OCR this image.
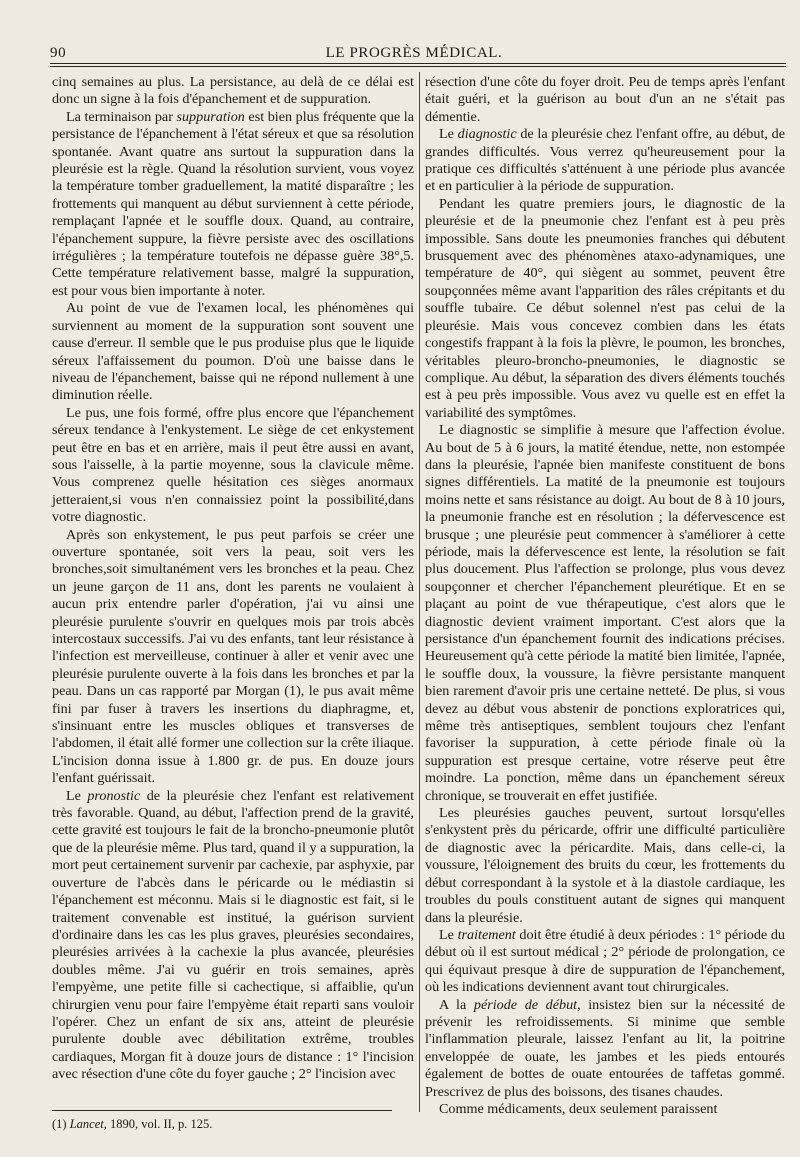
90	LE PROGRÈS MÉDICAL.

cinq semaines au plus. La persistance, au delà de ce délai est donc un signe à la fois d'épanchement et de suppuration.

La terminaison par suppuration est bien plus fréquente que la persistance de l'épanchement à l'état séreux et que sa résolution spontanée. Avant quatre ans surtout la suppuration dans la pleurésie est la règle. Quand la résolution survient, vous voyez la température tomber graduellement, la matité disparaître ; les frottements qui manquent au début surviennent à cette période, remplaçant l'apnée et le souffle doux. Quand, au contraire, l'épanchement suppure, la fièvre persiste avec des oscillations irrégulières ; la température toutefois ne dépasse guère 38°,5. Cette température relativement basse, malgré la suppuration, est pour vous bien importante à noter.

Au point de vue de l'examen local, les phénomènes qui surviennent au moment de la suppuration sont souvent une cause d'erreur. Il semble que le pus produise plus que le liquide séreux l'affaissement du poumon. D'où une baisse dans le niveau de l'épanchement, baisse qui ne répond nullement à une diminution réelle.

Le pus, une fois formé, offre plus encore que l'épanchement séreux tendance à l'enkystement. Le siège de cet enkystement peut être en bas et en arrière, mais il peut être aussi en avant, sous l'aisselle, à la partie moyenne, sous la clavicule même. Vous comprenez quelle hésitation ces sièges anormaux jetteraient,si vous n'en connaissiez point la possibilité,dans votre diagnostic.

Après son enkystement, le pus peut parfois se créer une ouverture spontanée, soit vers la peau, soit vers les bronches,soit simultanément vers les bronches et la peau. Chez un jeune garçon de 11 ans, dont les parents ne voulaient à aucun prix entendre parler d'opération, j'ai vu ainsi une pleurésie purulente s'ouvrir en quelques mois par trois abcès intercostaux successifs. J'ai vu des enfants, tant leur résistance à l'infection est merveilleuse, continuer à aller et venir avec une pleurésie purulente ouverte à la fois dans les bronches et par la peau. Dans un cas rapporté par Morgan (1), le pus avait même fini par fuser à travers les insertions du diaphragme, et, s'insinuant entre les muscles obliques et transverses de l'abdomen, il était allé former une collection sur la crête iliaque. L'incision donna issue à 1.800 gr. de pus. En douze jours l'enfant guérissait.

Le pronostic de la pleurésie chez l'enfant est relativement très favorable. Quand, au début, l'affection prend de la gravité, cette gravité est toujours le fait de la broncho-pneumonie plutôt que de la pleurésie même. Plus tard, quand il y a suppuration, la mort peut certainement survenir par cachexie, par asphyxie, par ouverture de l'abcès dans le péricarde ou le médiastin si l'épanchement est méconnu. Mais si le diagnostic est fait, si le traitement convenable est institué, la guérison survient d'ordinaire dans les cas les plus graves, pleurésies secondaires, pleurésies arrivées à la cachexie la plus avancée, pleurésies doubles même. J'ai vu guérir en trois semaines, après l'empyème, une petite fille si cachectique, si affaiblie, qu'un chirurgien venu pour faire l'empyème était reparti sans vouloir l'opérer. Chez un enfant de six ans, atteint de pleurésie purulente double avec débilitation extrême, troubles cardiaques, Morgan fit à douze jours de distance : 1° l'incision avec résection d'une côte du foyer gauche ; 2° l'incision avec

résection d'une côte du foyer droit. Peu de temps après l'enfant était guéri, et la guérison au bout d'un an ne s'était pas démentie.

Le diagnostic de la pleurésie chez l'enfant offre, au début, de grandes difficultés. Vous verrez qu'heureusement pour la pratique ces difficultés s'atténuent à une période plus avancée et en particulier à la période de suppuration.

Pendant les quatre premiers jours, le diagnostic de la pleurésie et de la pneumonie chez l'enfant est à peu près impossible. Sans doute les pneumonies franches qui débutent brusquement avec des phénomènes ataxo-adynamiques, une température de 40°, qui siègent au sommet, peuvent être soupçonnées même avant l'apparition des râles crépitants et du souffle tubaire. Ce début solennel n'est pas celui de la pleurésie. Mais vous concevez combien dans les états congestifs frappant à la fois la plèvre, le poumon, les bronches, véritables pleuro-broncho-pneumonies, le diagnostic se complique. Au début, la séparation des divers éléments touchés est à peu près impossible. Vous avez vu quelle est en effet la variabilité des symptômes.

Le diagnostic se simplifie à mesure que l'affection évolue. Au bout de 5 à 6 jours, la matité étendue, nette, non estompée dans la pleurésie, l'apnée bien manifeste constituent de bons signes différentiels. La matité de la pneumonie est toujours moins nette et sans résistance au doigt. Au bout de 8 à 10 jours, la pneumonie franche est en résolution ; la défervescence est brusque ; une pleurésie peut commencer à s'améliorer à cette période, mais la défervescence est lente, la résolution se fait plus doucement. Plus l'affection se prolonge, plus vous devez soupçonner et chercher l'épanchement pleurétique. Et en se plaçant au point de vue thérapeutique, c'est alors que le diagnostic devient vraiment important. C'est alors que la persistance d'un épanchement fournit des indications précises. Heureusement qu'à cette période la matité bien limitée, l'apnée, le souffle doux, la voussure, la fièvre persistante manquent bien rarement d'avoir pris une certaine netteté. De plus, si vous devez au début vous abstenir de ponctions exploratrices qui, même très antiseptiques, semblent toujours chez l'enfant favoriser la suppuration, à cette période finale où la suppuration est presque certaine, votre réserve peut être moindre. La ponction, même dans un épanchement séreux chronique, se trouverait en effet justifiée.

Les pleurésies gauches peuvent, surtout lorsqu'elles s'enkystent près du péricarde, offrir une difficulté particulière de diagnostic avec la péricardite. Mais, dans celle-ci, la voussure, l'éloignement des bruits du cœur, les frottements du début correspondant à la systole et à la diastole cardiaque, les troubles du pouls constituent autant de signes qui manquent dans la pleurésie.

Le traitement doit être étudié à deux périodes : 1° période du début où il est surtout médical ; 2° période de prolongation, ce qui équivaut presque à dire de suppuration de l'épanchement, où les indications deviennent avant tout chirurgicales.

A la période de début, insistez bien sur la nécessité de prévenir les refroidissements. Si minime que semble l'inflammation pleurale, laissez l'enfant au lit, la poitrine enveloppée de ouate, les jambes et les pieds entourés également de bottes de ouate entourées de taffetas gommé. Prescrivez de plus des boissons, des tisanes chaudes.

Comme médicaments, deux seulement paraissent

(1) Lancet, 1890, vol. II, p. 125.
